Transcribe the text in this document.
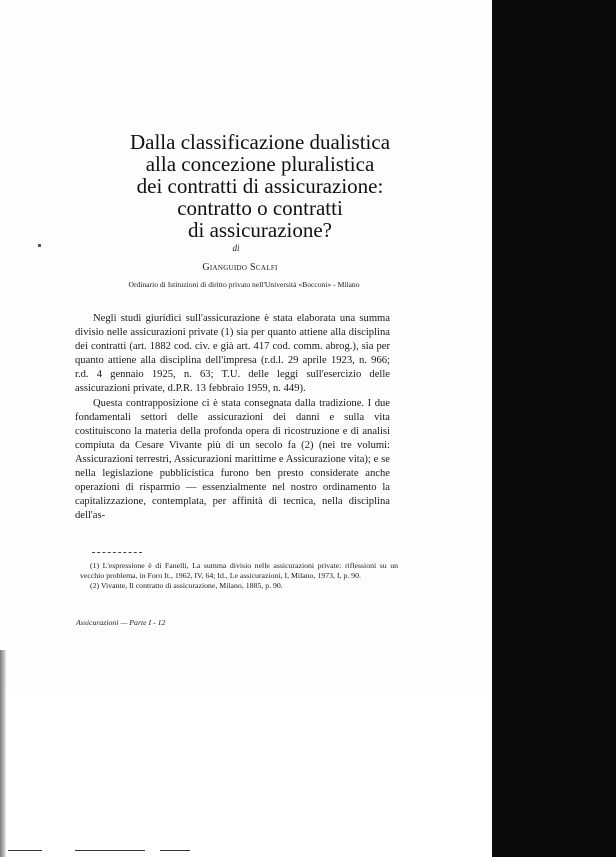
Dalla classificazione dualistica
alla concezione pluralistica
dei contratti di assicurazione:
contratto o contratti
di assicurazione?
di
Gianguido Scalfi
Ordinario di Istituzioni di diritto privato nell'Università «Bocconi» - Milano

Negli studi giuridici sull'assicurazione è stata elaborata una summa divisio nelle assicurazioni private (1) sia per quanto attiene alla disciplina dei contratti (art. 1882 cod. civ. e già art. 417 cod. comm. abrog.), sia per quanto attiene alla disciplina dell'impresa (r.d.l. 29 aprile 1923, n. 966; r.d. 4 gennaio 1925, n. 63; T.U. delle leggi sull'esercizio delle assicurazioni private, d.P.R. 13 febbraio 1959, n. 449).

Questa contrapposizione ci è stata consegnata dalla tradizione. I due fondamentali settori delle assicurazioni dei danni e sulla vita costituiscono la materia della profonda opera di ricostruzione e di analisi compiuta da Cesare Vivante più di un secolo fa (2) (nei tre volumi: Assicurazioni terrestri, Assicurazioni marittime e Assicurazione vita); e se nella legislazione pubblicistica furono ben presto considerate anche operazioni di risparmio — essenzialmente nel nostro ordinamento la capitalizzazione, contemplata, per affinità di tecnica, nella disciplina dell'as-

(1) L'espressione è di Fanelli, La summa divisio nelle assicurazioni private: riflessioni su un vecchio problema, in Foro It., 1962, IV, 64; Id., Le assicurazioni, I, Milano, 1973, I, p. 90.

(2) Vivante, Il contratto di assicurazione, Milano, 1885, p. 90.

Assicurazioni — Parte I - 12
